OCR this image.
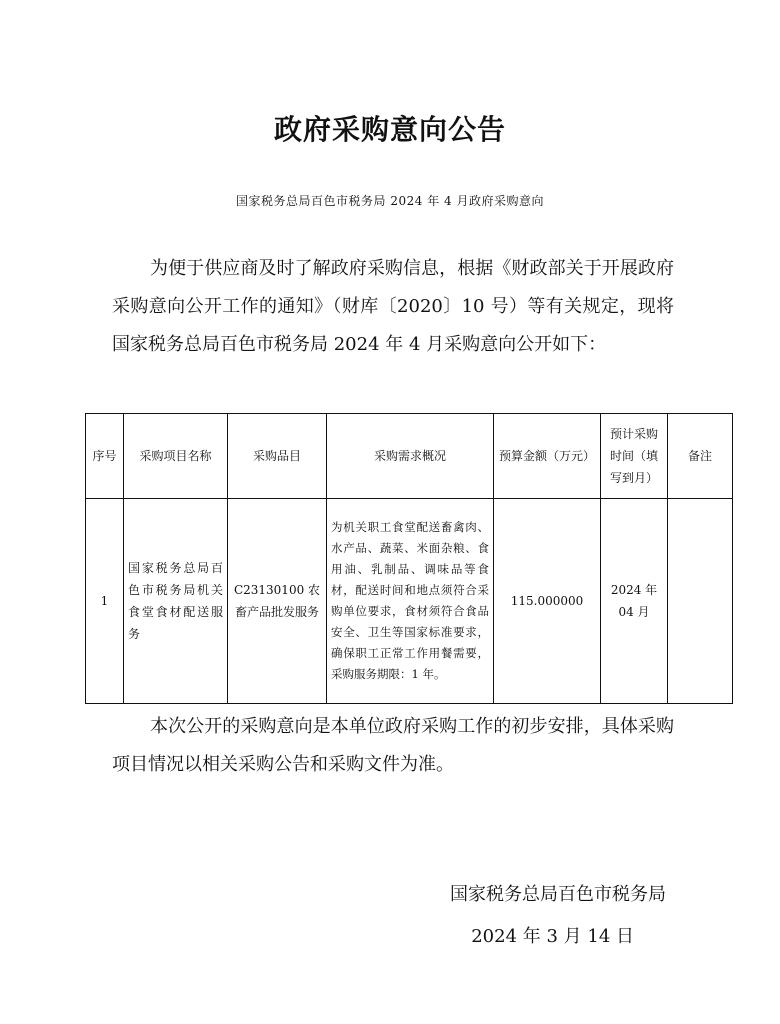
政府采购意向公告
国家税务总局百色市税务局 2024 年 4 月政府采购意向
为便于供应商及时了解政府采购信息，根据《财政部关于开展政府采购意向公开工作的通知》（财库〔2020〕10 号）等有关规定，现将国家税务总局百色市税务局 2024 年 4 月采购意向公开如下：
序号	采购项目名称	采购品目	采购需求概况	预算金额（万元）	预计采购时间（填写到月）	备注
1	国家税务总局百色市税务局机关食堂食材配送服务	C23130100 农畜产品批发服务	为机关职工食堂配送畜禽肉、水产品、蔬菜、米面杂粮、食用油、乳制品、调味品等食材，配送时间和地点须符合采购单位要求，食材须符合食品安全、卫生等国家标准要求，确保职工正常工作用餐需要，采购服务期限：1 年。	115.000000	2024 年 04 月	
本次公开的采购意向是本单位政府采购工作的初步安排，具体采购项目情况以相关采购公告和采购文件为准。
国家税务总局百色市税务局
2024 年 3 月 14 日
